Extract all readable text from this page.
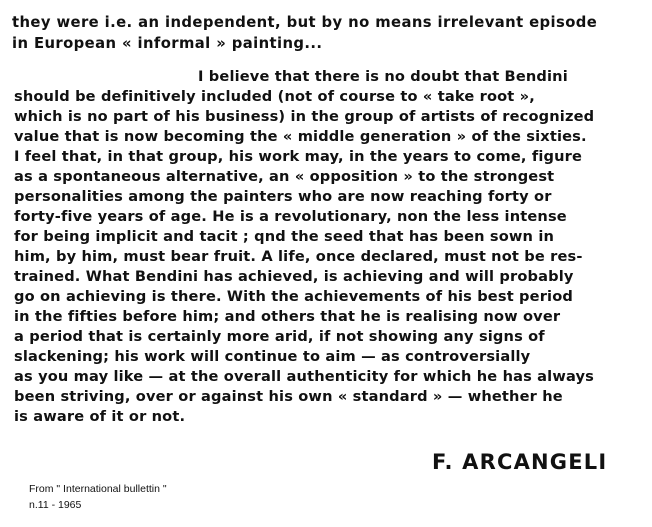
they were i.e. an independent, but by no means irrelevant episode
in European « informal » painting...
I believe that there is no doubt that Bendini
should be definitively included (not of course to « take root »,
which is no part of his business) in the group of artists of recognized
value that is now becoming the « middle generation » of the sixties.
I feel that, in that group, his work may, in the years to come, figure
as a spontaneous alternative, an « opposition » to the strongest
personalities among the painters who are now reaching forty or
forty-five years of age. He is a revolutionary, non the less intense
for being implicit and tacit ; qnd the seed that has been sown in
him, by him, must bear fruit. A life, once declared, must not be res-
trained. What Bendini has achieved, is achieving and will probably
go on achieving is there. With the achievements of his best period
in the fifties before him; and others that he is realising now over
a period that is certainly more arid, if not showing any signs of
slackening; his work will continue to aim — as controversially
as you may like — at the overall authenticity for which he has always
been striving, over or against his own « standard » — whether he
is aware of it or not.
F. ARCANGELI
From " International bullettin "
n.11 - 1965
